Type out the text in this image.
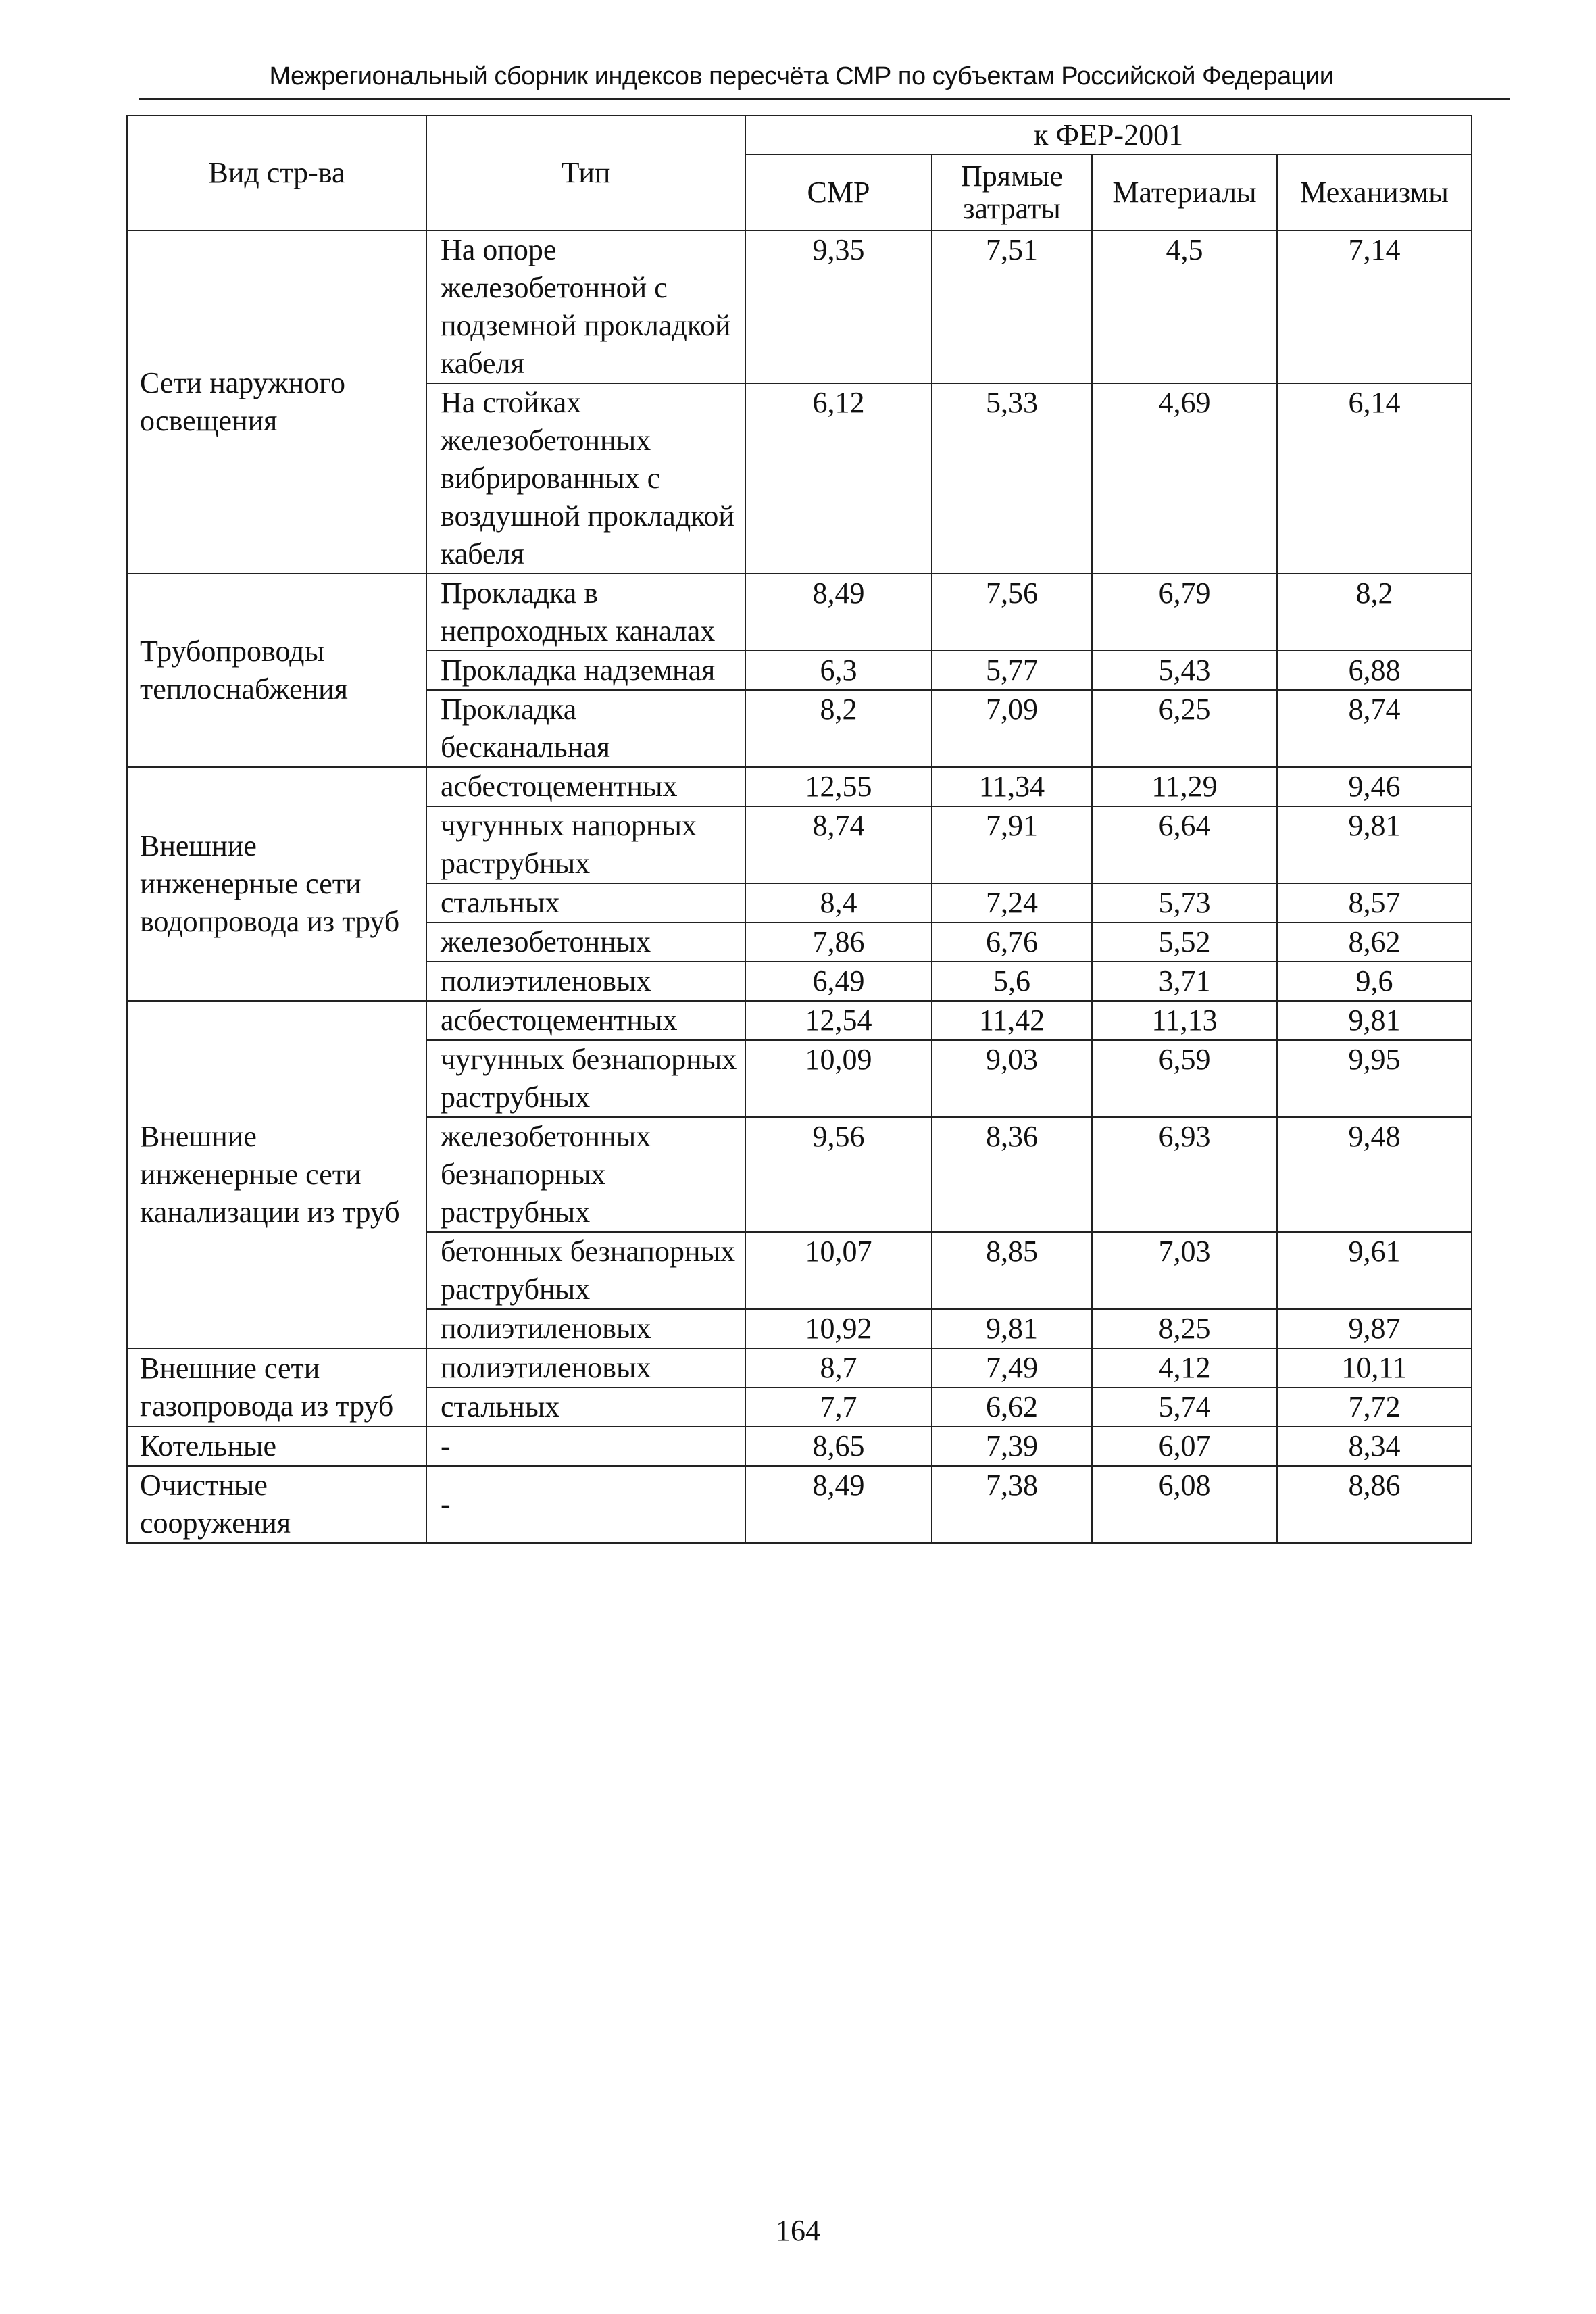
Межрегиональный сборник индексов пересчёта СМР по субъектам Российской Федерации
Вид стр-ва	Тип	к ФЕР-2001			
		СМР	Прямые затраты	Материалы	Механизмы
Сети наружного освещения	На опоре железобетонной с подземной прокладкой кабеля	9,35	7,51	4,5	7,14
	На стойках железобетонных вибрированных с воздушной прокладкой кабеля	6,12	5,33	4,69	6,14
Трубопроводы теплоснабжения	Прокладка в непроходных каналах	8,49	7,56	6,79	8,2
	Прокладка надземная	6,3	5,77	5,43	6,88
	Прокладка бесканальная	8,2	7,09	6,25	8,74
Внешние инженерные сети водопровода из труб	асбестоцементных	12,55	11,34	11,29	9,46
	чугунных напорных раструбных	8,74	7,91	6,64	9,81
	стальных	8,4	7,24	5,73	8,57
	железобетонных	7,86	6,76	5,52	8,62
	полиэтиленовых	6,49	5,6	3,71	9,6
Внешние инженерные сети канализации из труб	асбестоцементных	12,54	11,42	11,13	9,81
	чугунных безнапорных раструбных	10,09	9,03	6,59	9,95
	железобетонных безнапорных раструбных	9,56	8,36	6,93	9,48
	бетонных безнапорных раструбных	10,07	8,85	7,03	9,61
	полиэтиленовых	10,92	9,81	8,25	9,87
Внешние сети газопровода из труб	полиэтиленовых	8,7	7,49	4,12	10,11
	стальных	7,7	6,62	5,74	7,72
Котельные	-	8,65	7,39	6,07	8,34
Очистные сооружения	-	8,49	7,38	6,08	8,86
164
